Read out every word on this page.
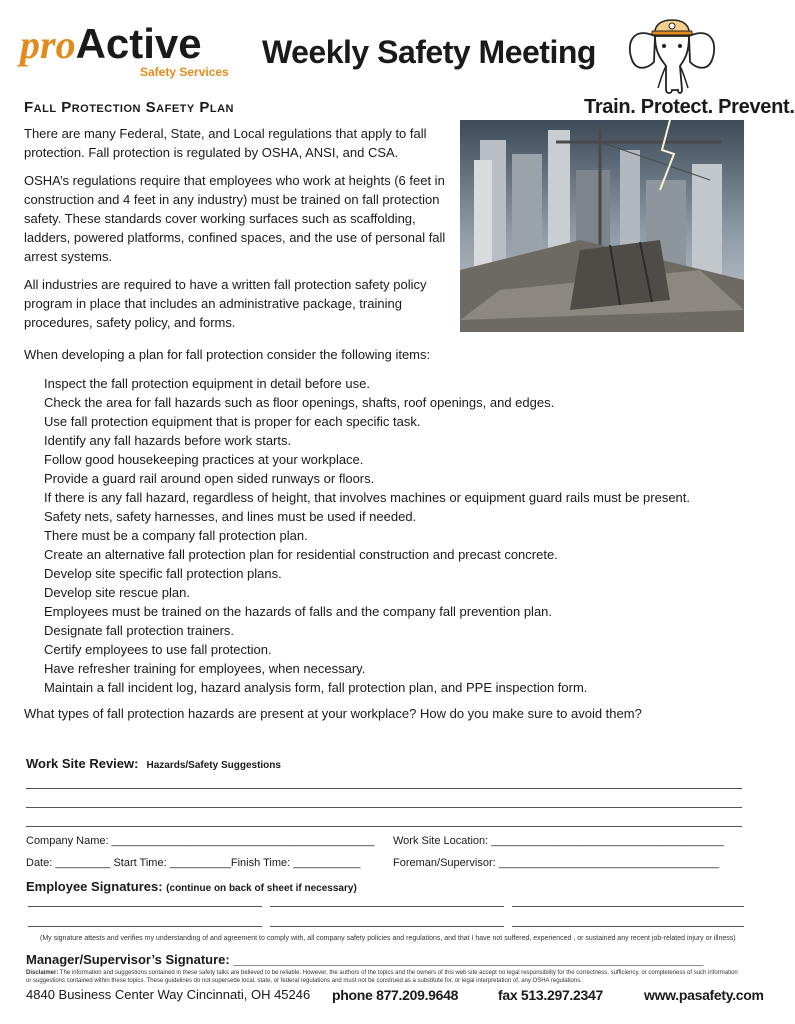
proActive
Safety Services
Weekly Safety Meeting
Train. Protect. Prevent.
Fall Protection Safety Plan

There are many Federal, State, and Local regulations that apply to fall protection. Fall protection is regulated by OSHA, ANSI, and CSA.

OSHA’s regulations require that employees who work at heights (6 feet in construction and 4 feet in any industry) must be trained on fall protection safety. These standards cover working surfaces such as scaffolding, ladders, powered platforms, confined spaces, and the use of personal fall arrest systems.

All industries are required to have a written fall protection safety policy program in place that includes an administrative package, training procedures, safety policy, and forms.

When developing a plan for fall protection consider the following items:
Inspect the fall protection equipment in detail before use.
Check the area for fall hazards such as floor openings, shafts, roof openings, and edges.
Use fall protection equipment that is proper for each specific task.
Identify any fall hazards before work starts.
Follow good housekeeping practices at your workplace.
Provide a guard rail around open sided runways or floors.
If there is any fall hazard, regardless of height, that involves machines or equipment guard rails must be present.
Safety nets, safety harnesses, and lines must be used if needed.
There must be a company fall protection plan.
Create an alternative fall protection plan for residential construction and precast concrete.
Develop site specific fall protection plans.
Develop site rescue plan.
Employees must be trained on the hazards of falls and the company fall prevention plan.
Designate fall protection trainers.
Certify employees to use fall protection.
Have refresher training for employees, when necessary.
Maintain a fall incident log, hazard analysis form, fall protection plan, and PPE inspection form.
What types of fall protection hazards are present at your workplace? How do you make sure to avoid them?
Work Site Review: Hazards/Safety Suggestions
Company Name: ___________________________________________ Work Site Location: ______________________________________
Date: _________ Start Time: __________Finish Time: ___________	Foreman/Supervisor: ____________________________________
Employee Signatures: (continue on back of sheet if necessary)
(My signature attests and verifies my understanding of and agreement to comply with, all company safety policies and regulations, and that I have not suffered, experienced , or sustained any recent job-related injury or illness)
Manager/Supervisor’s Signature: _________________________________________________________________
Disclaimer: The information and suggestions contained in these safety talks are believed to be reliable. However, the authors of the topics and the owners of this web site accept no legal responsibility for the correctness, sufficiency, or completeness of such information or suggestions contained within these topics. These guidelines do not supersede local, state, or federal regulations and must not be construed as a substitute for, or legal interpretation of, any OSHA regulations.
4840 Business Center Way Cincinnati, OH 45246 phone 877.209.9648	fax 513.297.2347	www.pasafety.com
